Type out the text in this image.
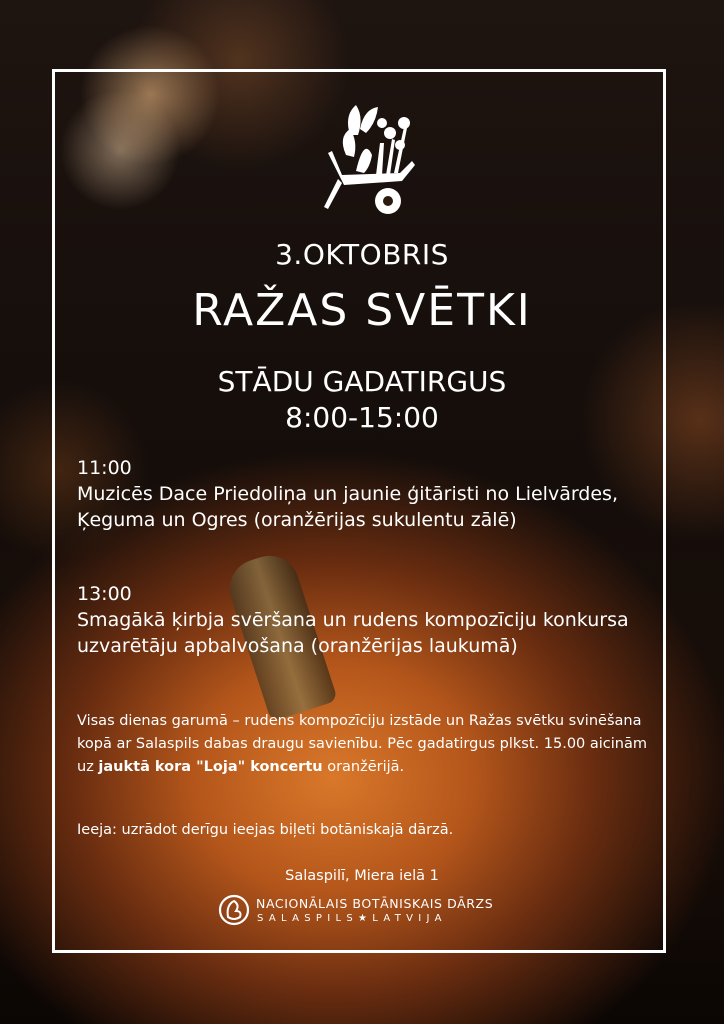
3.OKTOBRIS
RAŽAS SVĒTKI
STĀDU GADATIRGUS
8:00-15:00
11:00
Muzicēs Dace Priedoliņa un jaunie ģitāristi no Lielvārdes, Ķeguma un Ogres (oranžērijas sukulentu zālē)
13:00
Smagākā ķirbja svēršana un rudens kompozīciju konkursa uzvarētāju apbalvošana (oranžērijas laukumā)
Visas dienas garumā – rudens kompozīciju izstāde un Ražas svētku svinēšana kopā ar Salaspils dabas draugu savienību. Pēc gadatirgus plkst. 15.00 aicinām uz jauktā kora "Loja" koncertu oranžērijā.
Ieeja: uzrādot derīgu ieejas biļeti botāniskajā dārzā.
Salaspilī, Miera ielā 1
NACIONĀLAIS BOTĀNISKAIS DĀRZS
SALASPILS★LATVIJA
